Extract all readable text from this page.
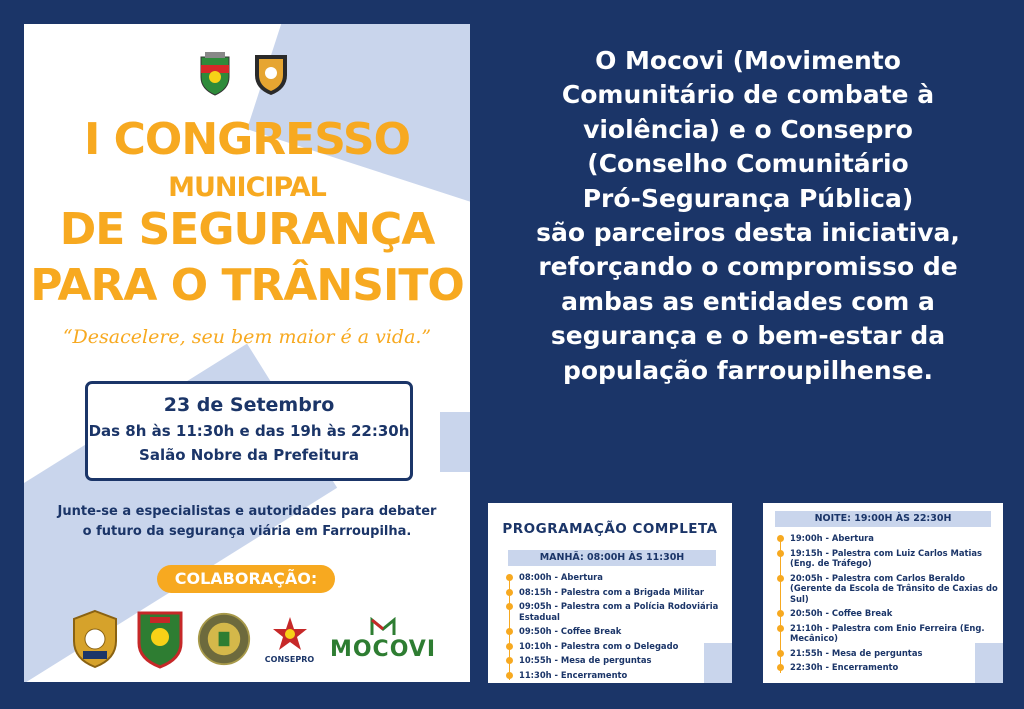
I CONGRESSO
MUNICIPAL
DE SEGURANÇA
PARA O TRÂNSITO
“Desacelere, seu bem maior é a vida.”
23 de Setembro
Das 8h às 11:30h e das 19h às 22:30h
Salão Nobre da Prefeitura
Junte-se a especialistas e autoridades para debater
o futuro da segurança viária em Farroupilha.
COLABORAÇÃO:
CONSEPRO MOCOVI
O Mocovi (Movimento
Comunitário de combate à
violência) e o Consepro
(Conselho Comunitário
Pró-Segurança Pública)
são parceiros desta iniciativa,
reforçando o compromisso de
ambas as entidades com a
segurança e o bem-estar da
população farroupilhense.
PROGRAMAÇÃO COMPLETA
MANHÃ: 08:00H ÀS 11:30H
08:00h - Abertura
08:15h - Palestra com a Brigada Militar
09:05h - Palestra com a Polícia Rodoviária Estadual
09:50h - Coffee Break
10:10h - Palestra com o Delegado
10:55h - Mesa de perguntas
11:30h - Encerramento
NOITE: 19:00H ÀS 22:30H
19:00h - Abertura
19:15h - Palestra com Luiz Carlos Matias (Eng. de Tráfego)
20:05h - Palestra com Carlos Beraldo (Gerente da Escola de Trânsito de Caxias do Sul)
20:50h - Coffee Break
21:10h - Palestra com Enio Ferreira (Eng. Mecânico)
21:55h - Mesa de perguntas
22:30h - Encerramento
